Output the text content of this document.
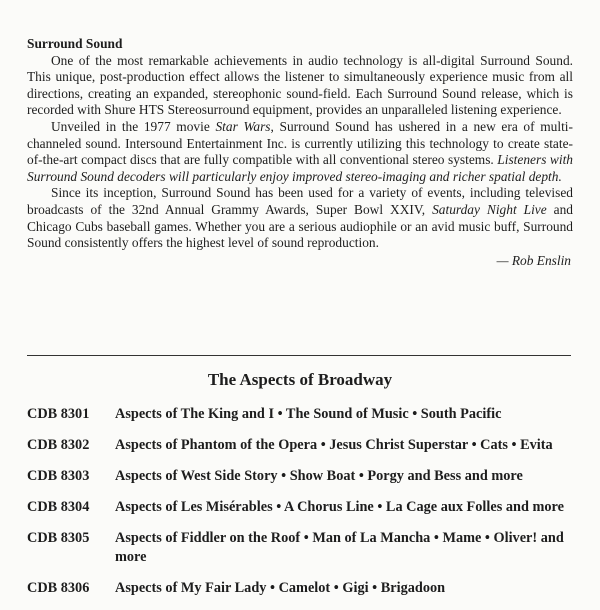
Surround Sound

One of the most remarkable achievements in audio technology is all-digital Surround Sound. This unique, post-production effect allows the listener to simultaneously experience music from all directions, creating an expanded, stereophonic sound-field. Each Surround Sound release, which is recorded with Shure HTS Stereosurround equipment, provides an unparalleled listening experience.

Unveiled in the 1977 movie Star Wars, Surround Sound has ushered in a new era of multi-channeled sound. Intersound Entertainment Inc. is currently utilizing this technology to create state-of-the-art compact discs that are fully compatible with all conventional stereo systems. Listeners with Surround Sound decoders will particularly enjoy improved stereo-imaging and richer spatial depth.

Since its inception, Surround Sound has been used for a variety of events, including televised broadcasts of the 32nd Annual Grammy Awards, Super Bowl XXIV, Saturday Night Live and Chicago Cubs baseball games. Whether you are a serious audiophile or an avid music buff, Surround Sound consistently offers the highest level of sound reproduction.

— Rob Enslin
The Aspects of Broadway
CDB 8301	Aspects of The King and I • The Sound of Music • South Pacific
CDB 8302	Aspects of Phantom of the Opera • Jesus Christ Superstar • Cats • Evita
CDB 8303	Aspects of West Side Story • Show Boat • Porgy and Bess and more
CDB 8304	Aspects of Les Misérables • A Chorus Line • La Cage aux Folles and more
CDB 8305	Aspects of Fiddler on the Roof • Man of La Mancha • Mame • Oliver! and more
CDB 8306	Aspects of My Fair Lady • Camelot • Gigi • Brigadoon
